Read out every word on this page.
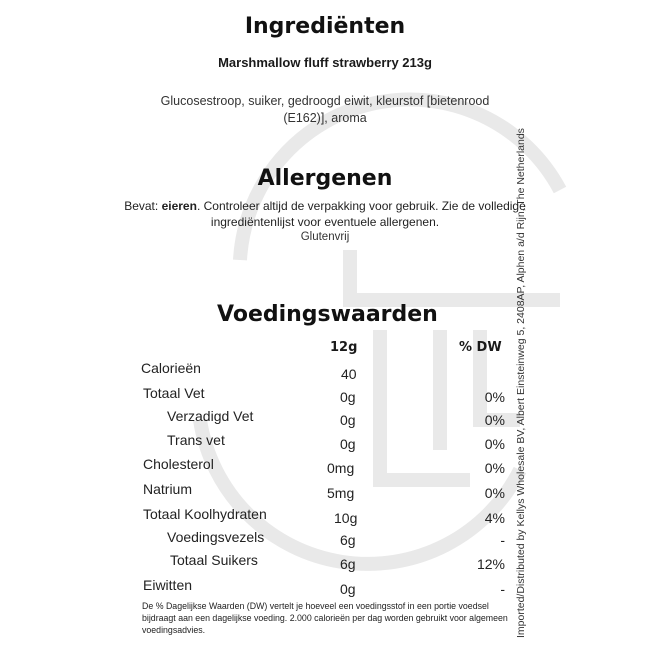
Ingrediënten
Marshmallow fluff strawberry 213g
Glucosestroop, suiker, gedroogd eiwit, kleurstof [bietenrood (E162)], aroma
Allergenen
Bevat: eieren. Controleer altijd de verpakking voor gebruik. Zie de volledige ingrediëntenlijst voor eventuele allergenen.
Glutenvrij
Voedingswaarden
12g	% DW
Calorieën	40
Totaal Vet	0g	0%
Verzadigd Vet	0g	0%
Trans vet	0g	0%
Cholesterol	0mg	0%
Natrium	5mg	0%
Totaal Koolhydraten	10g	4%
Voedingsvezels	6g	-
Totaal Suikers	6g	12%
Eiwitten	0g	-
De % Dagelijkse Waarden (DW) vertelt je hoeveel een voedingsstof in een portie voedsel bijdraagt aan een dagelijkse voeding. 2.000 calorieën per dag worden gebruikt voor algemeen voedingsadvies.	Imported/Distributed by Kellys Wholesale BV, Albert Einsteinweg 5, 2408AP, Alphen a/d Rijn, The Netherlands
